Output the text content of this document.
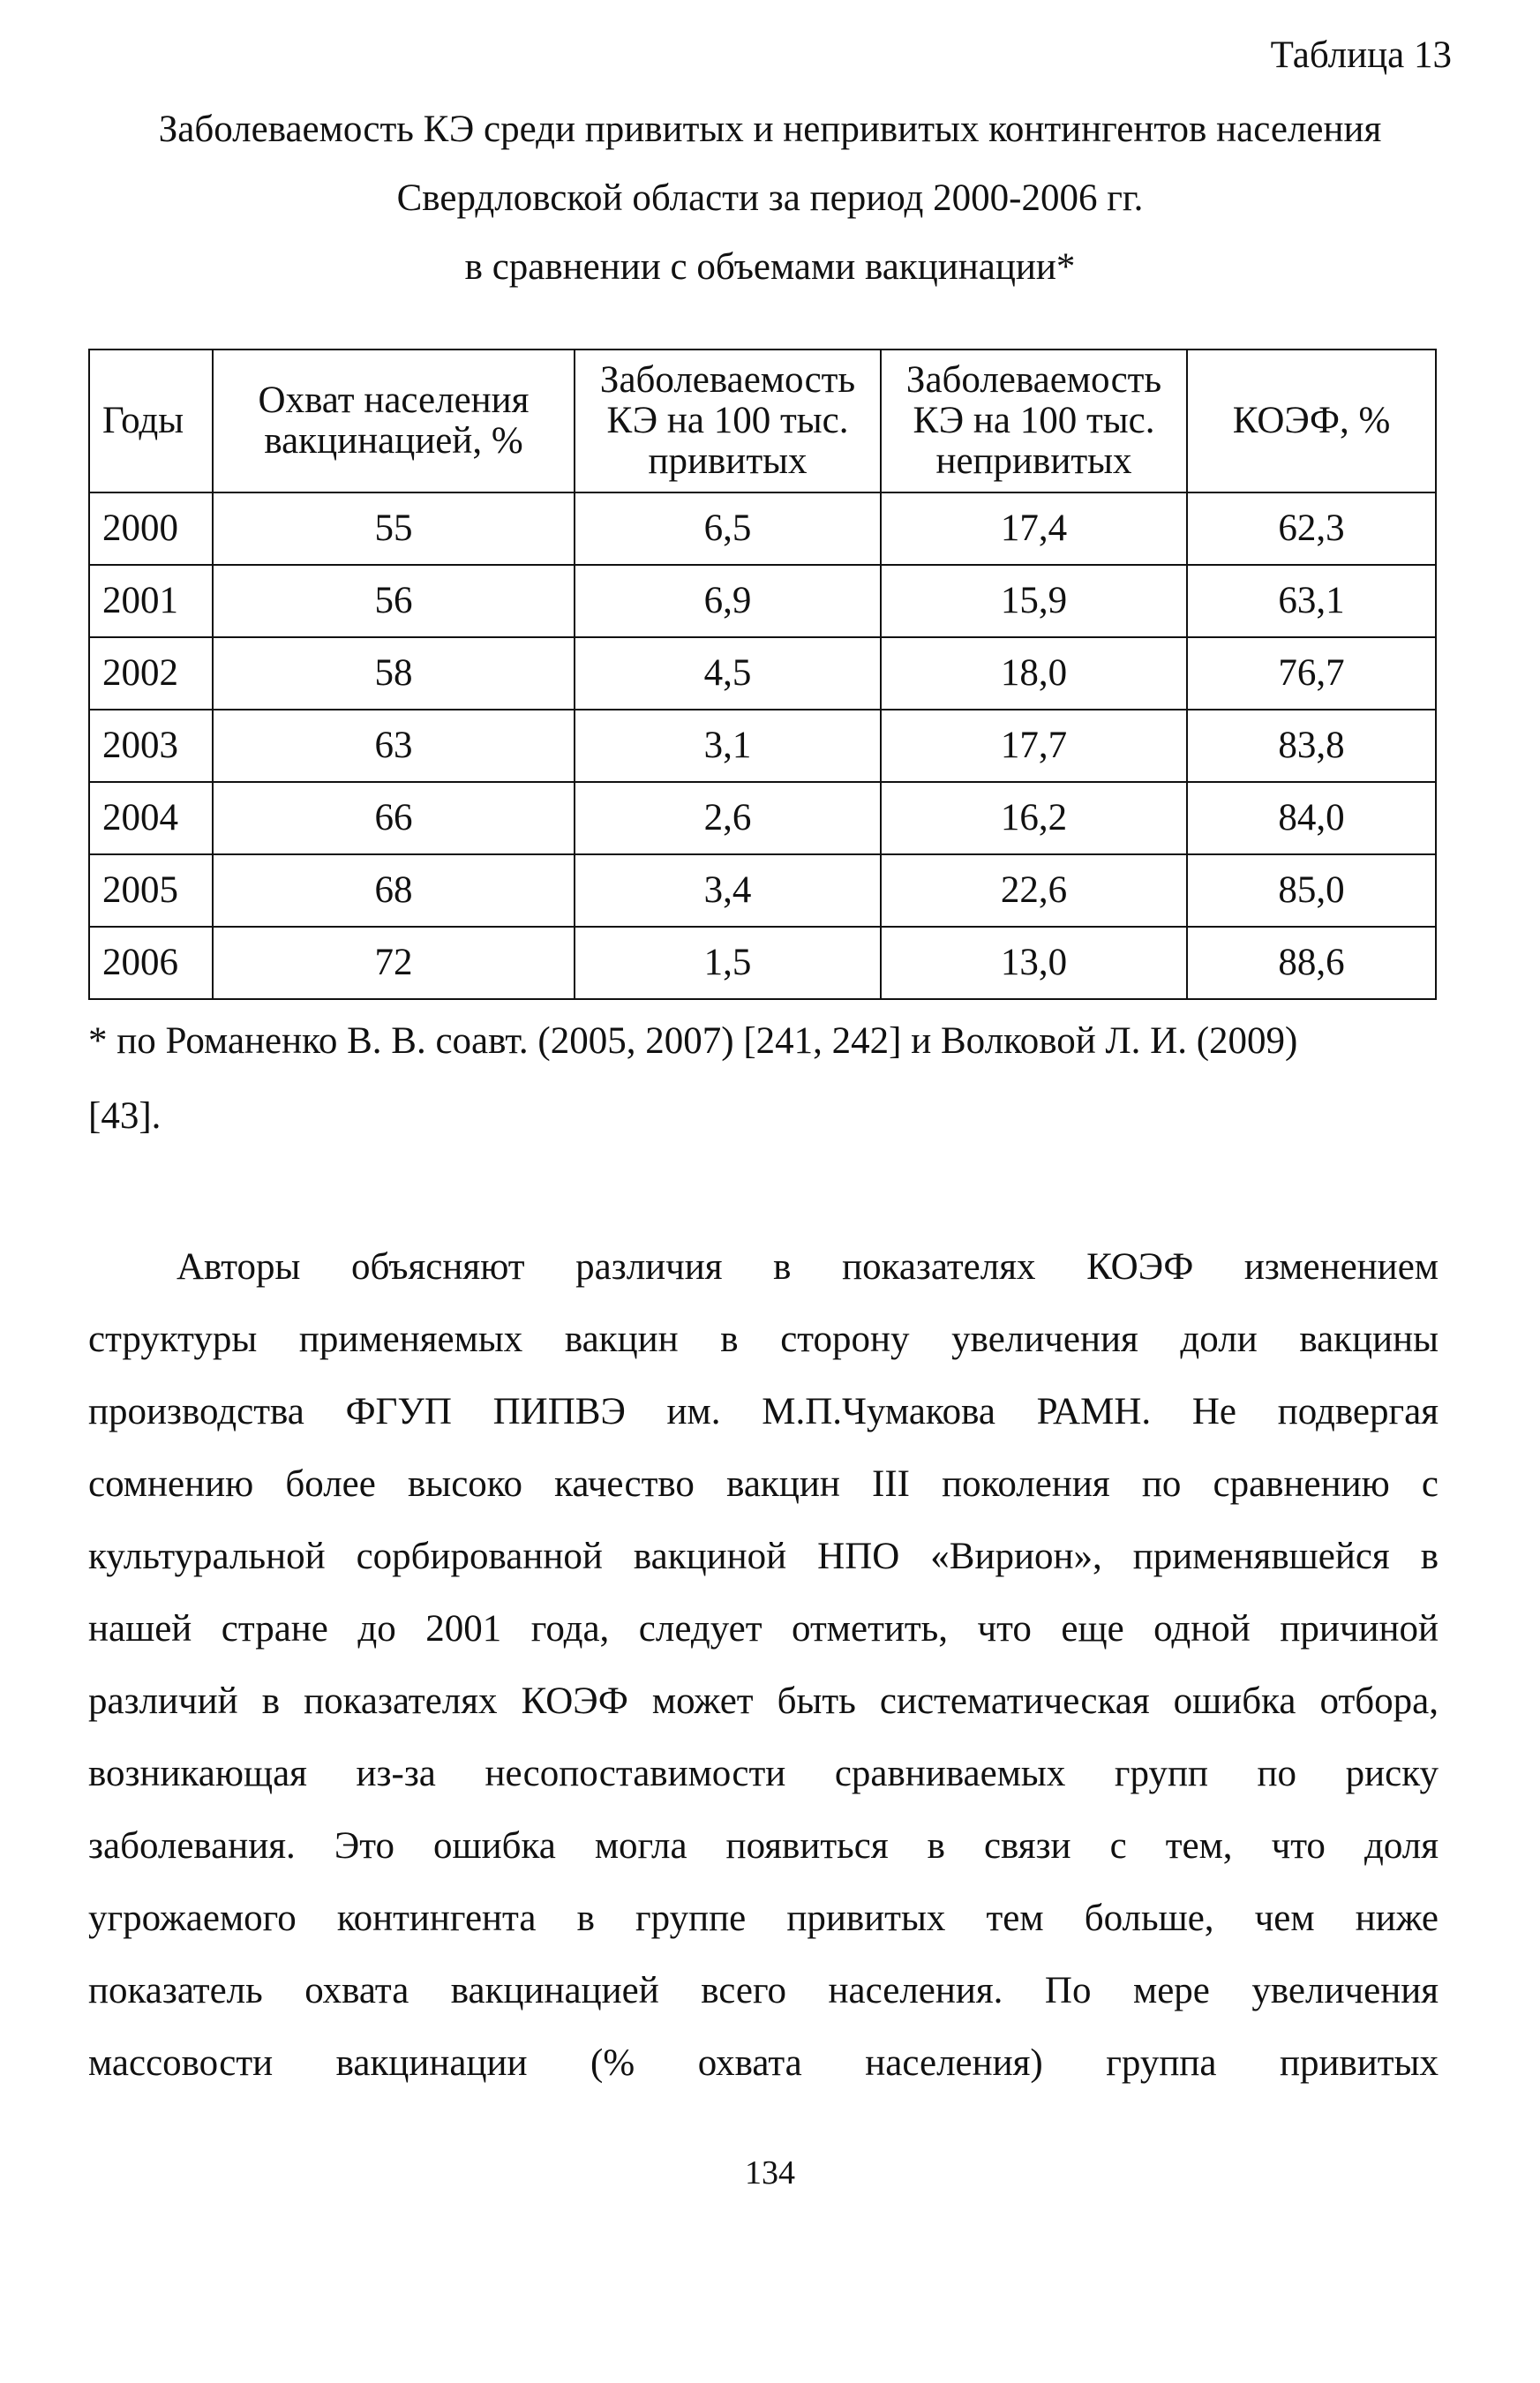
Таблица 13
Заболеваемость КЭ среди привитых и непривитых контингентов населения
Свердловской области за период 2000-2006 гг.
в сравнении с объемами вакцинации*
Годы	Охват населения вакцинацией, %	Заболеваемость КЭ на 100 тыс. привитых	Заболеваемость КЭ на 100 тыс. непривитых	КОЭФ, %
2000	55	6,5	17,4	62,3
2001	56	6,9	15,9	63,1
2002	58	4,5	18,0	76,7
2003	63	3,1	17,7	83,8
2004	66	2,6	16,2	84,0
2005	68	3,4	22,6	85,0
2006	72	1,5	13,0	88,6
* по Романенко В. В. соавт. (2005, 2007) [241, 242] и Волковой Л. И. (2009)
[43].
Авторы объясняют различия в показателях КОЭФ изменением
структуры применяемых вакцин в сторону увеличения доли вакцины
производства ФГУП ПИПВЭ им. М.П.Чумакова РАМН. Не подвергая
сомнению более высоко качество вакцин III поколения по сравнению с
культуральной сорбированной вакциной НПО «Вирион», применявшейся в
нашей стране до 2001 года, следует отметить, что еще одной причиной
различий в показателях КОЭФ может быть систематическая ошибка отбора,
возникающая из-за несопоставимости сравниваемых групп по риску
заболевания. Это ошибка могла появиться в связи с тем, что доля
угрожаемого контингента в группе привитых тем больше, чем ниже
показатель охвата вакцинацией всего населения. По мере увеличения
массовости вакцинации (% охвата населения) группа привитых
134
